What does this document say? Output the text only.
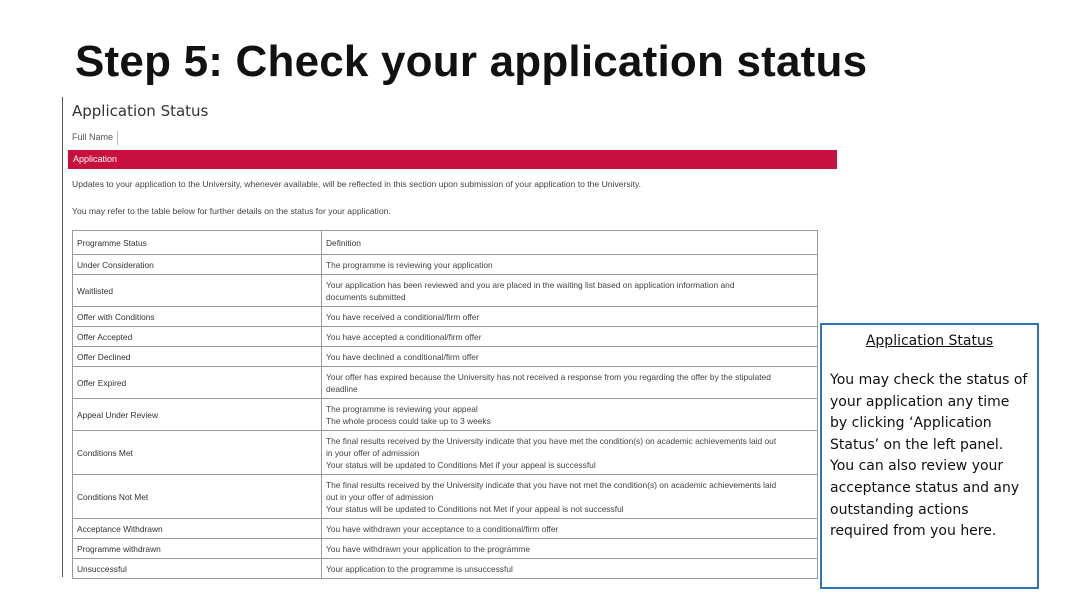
Step 5: Check your application status
Application Status
Full Name
Application
Updates to your application to the University, whenever available, will be reflected in this section upon submission of your application to the University.
You may refer to the table below for further details on the status for your application.
Programme Status	Definition
Under Consideration	The programme is reviewing your application

Waitlisted	Your application has been reviewed and you are placed in the waiting list based on application information and
documents submitted

Offer with Conditions	You have received a conditional/firm offer

Offer Accepted	You have accepted a conditional/firm offer

Offer Declined	You have declined a conditional/firm offer

Offer Expired	Your offer has expired because the University has not received a response from you regarding the offer by the stipulated
deadline

Appeal Under Review	The programme is reviewing your appeal
The whole process could take up to 3 weeks

Conditions Met	The final results received by the University indicate that you have met the condition(s) on academic achievements laid out
in your offer of admission
Your status will be updated to Conditions Met if your appeal is successful

Conditions Not Met	The final results received by the University indicate that you have not met the condition(s) on academic achievements laid
out in your offer of admission
Your status will be updated to Conditions not Met if your appeal is not successful

Acceptance Withdrawn	You have withdrawn your acceptance to a conditional/firm offer

Programme withdrawn	You have withdrawn your application to the programme

Unsuccessful	Your application to the programme is unsuccessful
Application Status

You may check the status of your application any time by clicking ‘Application Status’ on the left panel. You can also review your acceptance status and any outstanding actions required from you here.
